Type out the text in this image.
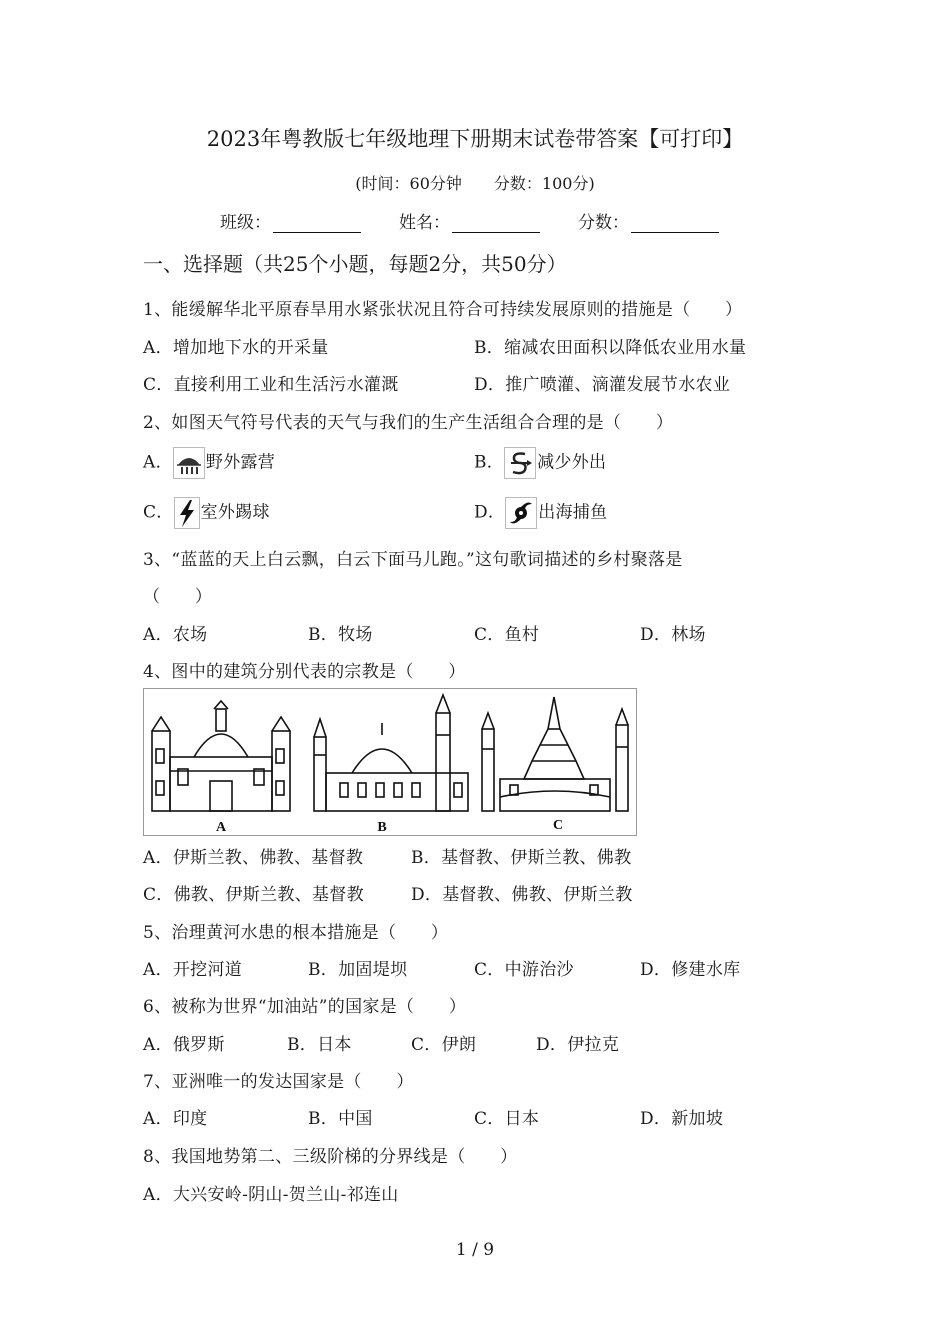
2023年粤教版七年级地理下册期末试卷带答案【可打印】
(时间：60分钟　　分数：100分)
班级：	姓名：	分数：
一、选择题（共25个小题，每题2分，共50分）
1、能缓解华北平原春旱用水紧张状况且符合可持续发展原则的措施是（　　）
A．增加地下水的开采量	B．缩减农田面积以降低农业用水量
C．直接利用工业和生活污水灌溉	D．推广喷灌、滴灌发展节水农业
2、如图天气符号代表的天气与我们的生产生活组合合理的是（　　）
A． 野外露营	B． 减少外出
C． 室外踢球	D． 出海捕鱼
3、“蓝蓝的天上白云飘，白云下面马儿跑。”这句歌词描述的乡村聚落是
（　　）
A．农场	B．牧场	C．鱼村	D．林场
4、图中的建筑分别代表的宗教是（　　）
A	B	C
A．伊斯兰教、佛教、基督教	B．基督教、伊斯兰教、佛教
C．佛教、伊斯兰教、基督教	D．基督教、佛教、伊斯兰教
5、治理黄河水患的根本措施是（　　）
A．开挖河道	B．加固堤坝	C．中游治沙	D．修建水库
6、被称为世界“加油站”的国家是（　　）
A．俄罗斯	B．日本	C．伊朗	D．伊拉克
7、亚洲唯一的发达国家是（　　）
A．印度	B．中国	C．日本	D．新加坡
8、我国地势第二、三级阶梯的分界线是（　　）
A．大兴安岭-阴山-贺兰山-祁连山
1 / 9
